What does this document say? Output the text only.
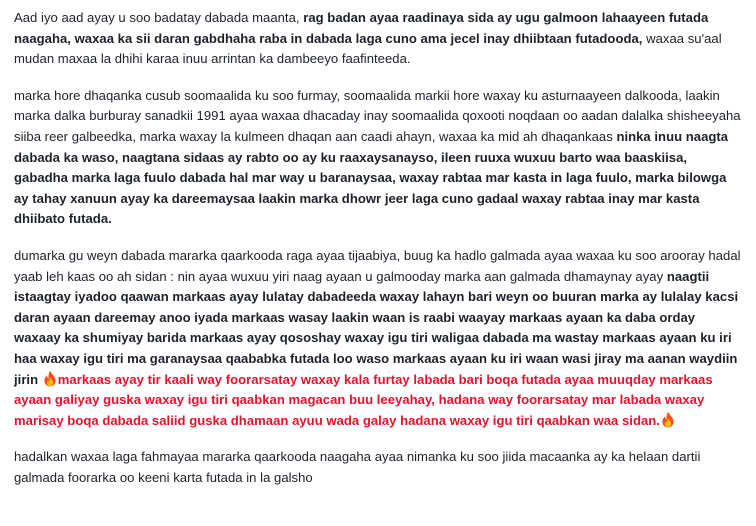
Aad iyo aad ayay u soo badatay dabada maanta, rag badan ayaa raadinaya sida ay ugu galmoon lahaayeen futada naagaha, waxaa ka sii daran gabdhaha raba in dabada laga cuno ama jecel inay dhiibtaan futadooda, waxaa su'aal mudan maxaa la dhihi karaa inuu arrintan ka dambeeyo faafinteeda.

marka hore dhaqanka cusub soomaalida ku soo furmay, soomaalida markii hore waxay ku asturnaayeen dalkooda, laakin marka dalka burburay sanadkii 1991 ayaa waxaa dhacaday inay soomaalida qoxooti noqdaan oo aadan dalalka shisheeyaha siiba reer galbeedka, marka waxay la kulmeen dhaqan aan caadi ahayn, waxaa ka mid ah dhaqankaas ninka inuu naagta dabada ka waso, naagtana sidaas ay rabto oo ay ku raaxaysanayso, ileen ruuxa wuxuu barto waa baaskiisa, gabadha marka laga fuulo dabada hal mar way u baranaysaa, waxay rabtaa mar kasta in laga fuulo, marka bilowga ay tahay xanuun ayay ka dareemaysaa laakin marka dhowr jeer laga cuno gadaal waxay rabtaa inay mar kasta dhiibato futada.

dumarka gu weyn dabada mararka qaarkooda raga ayaa tijaabiya, buug ka hadlo galmada ayaa waxaa ku soo arooray hadal yaab leh kaas oo ah sidan : nin ayaa wuxuu yiri naag ayaan u galmooday marka aan galmada dhamaynay ayay naagtii istaagtay iyadoo qaawan markaas ayay lulatay dabadeeda waxay lahayn bari weyn oo buuran marka ay lulalay kacsi daran ayaan dareemay anoo iyada markaas wasay laakin waan is raabi waayay markaas ayaan ka daba orday waxaay ka shumiyay barida markaas ayay qososhay waxay igu tiri waligaa dabada ma wastay markaas ayaan ku iri haa waxay igu tiri ma garanaysaa qaababka futada loo waso markaas ayaan ku iri waan wasi jiray ma aanan waydiin jirin markaas ayay tir kaali way foorarsatay waxay kala furtay labada bari boqa futada ayaa muuqday markaas ayaan galiyay guska waxay igu tiri qaabkan magacan buu leeyahay, hadana way foorarsatay mar labada waxay marisay boqa dabada saliid guska dhamaan ayuu wada galay hadana waxay igu tiri qaabkan waa sidan.

hadalkan waxaa laga fahmayaa mararka qaarkooda naagaha ayaa nimanka ku soo jiida macaanka ay ka helaan dartii galmada foorarka oo keeni karta futada in la galsho
